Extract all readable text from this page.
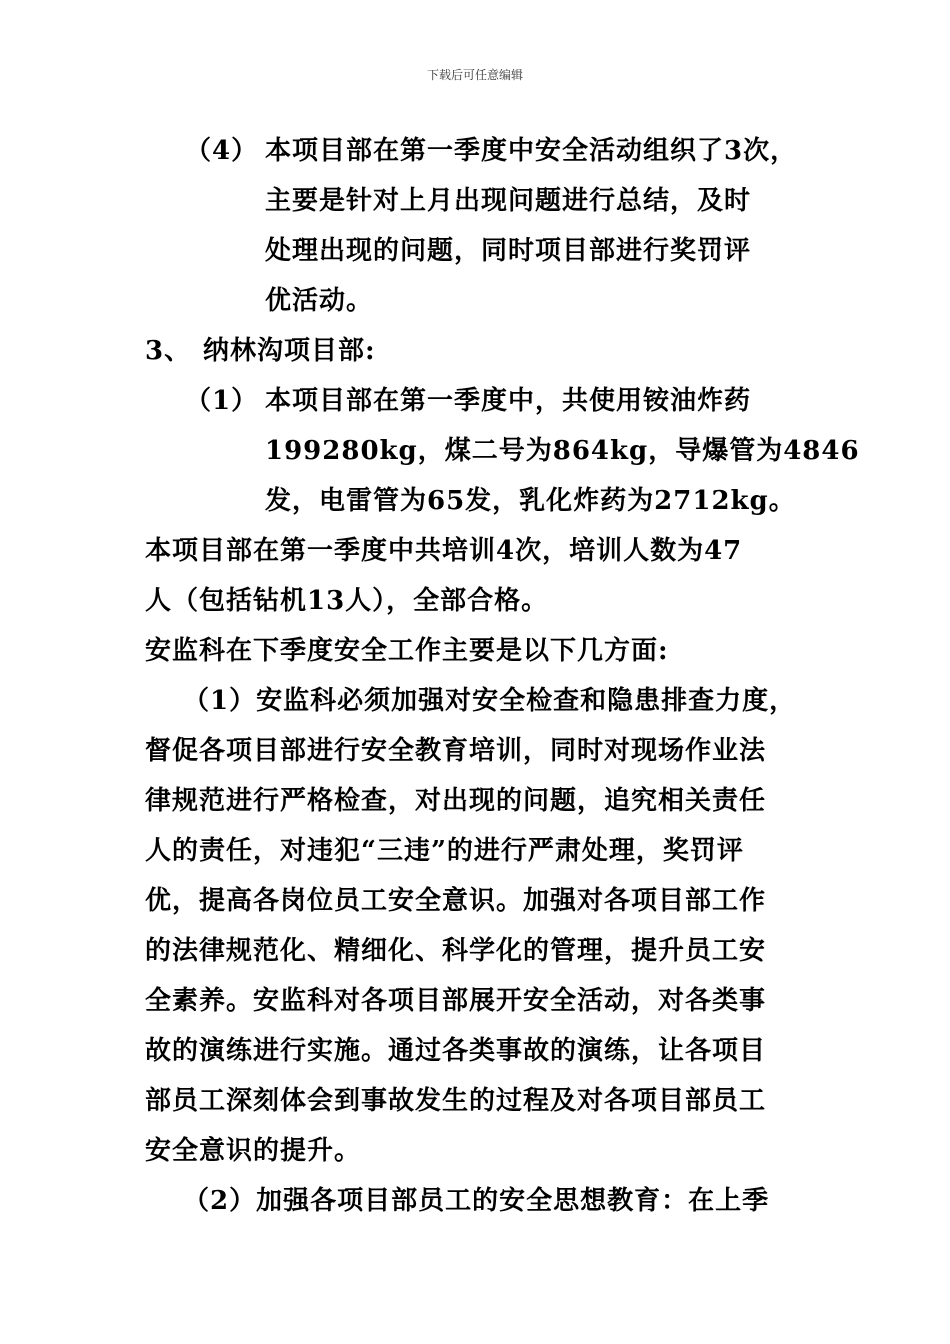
下载后可任意编辑
（4） 本项目部在第一季度中安全活动组织了3次，
主要是针对上月出现问题进行总结，及时
处理出现的问题，同时项目部进行奖罚评
优活动。
3、 纳林沟项目部:
（1） 本项目部在第一季度中，共使用铵油炸药
199280kg，煤二号为864kg，导爆管为4846
发，电雷管为65发，乳化炸药为2712kg。
本项目部在第一季度中共培训4次，培训人数为47
人（包括钻机13人），全部合格。
安监科在下季度安全工作主要是以下几方面:
（1）安监科必须加强对安全检查和隐患排查力度，
督促各项目部进行安全教育培训，同时对现场作业法
律规范进行严格检查，对出现的问题，追究相关责任
人的责任，对违犯“三违”的进行严肃处理，奖罚评
优，提高各岗位员工安全意识。加强对各项目部工作
的法律规范化、精细化、科学化的管理，提升员工安
全素养。安监科对各项目部展开安全活动，对各类事
故的演练进行实施。通过各类事故的演练，让各项目
部员工深刻体会到事故发生的过程及对各项目部员工
安全意识的提升。
（2）加强各项目部员工的安全思想教育：在上季
